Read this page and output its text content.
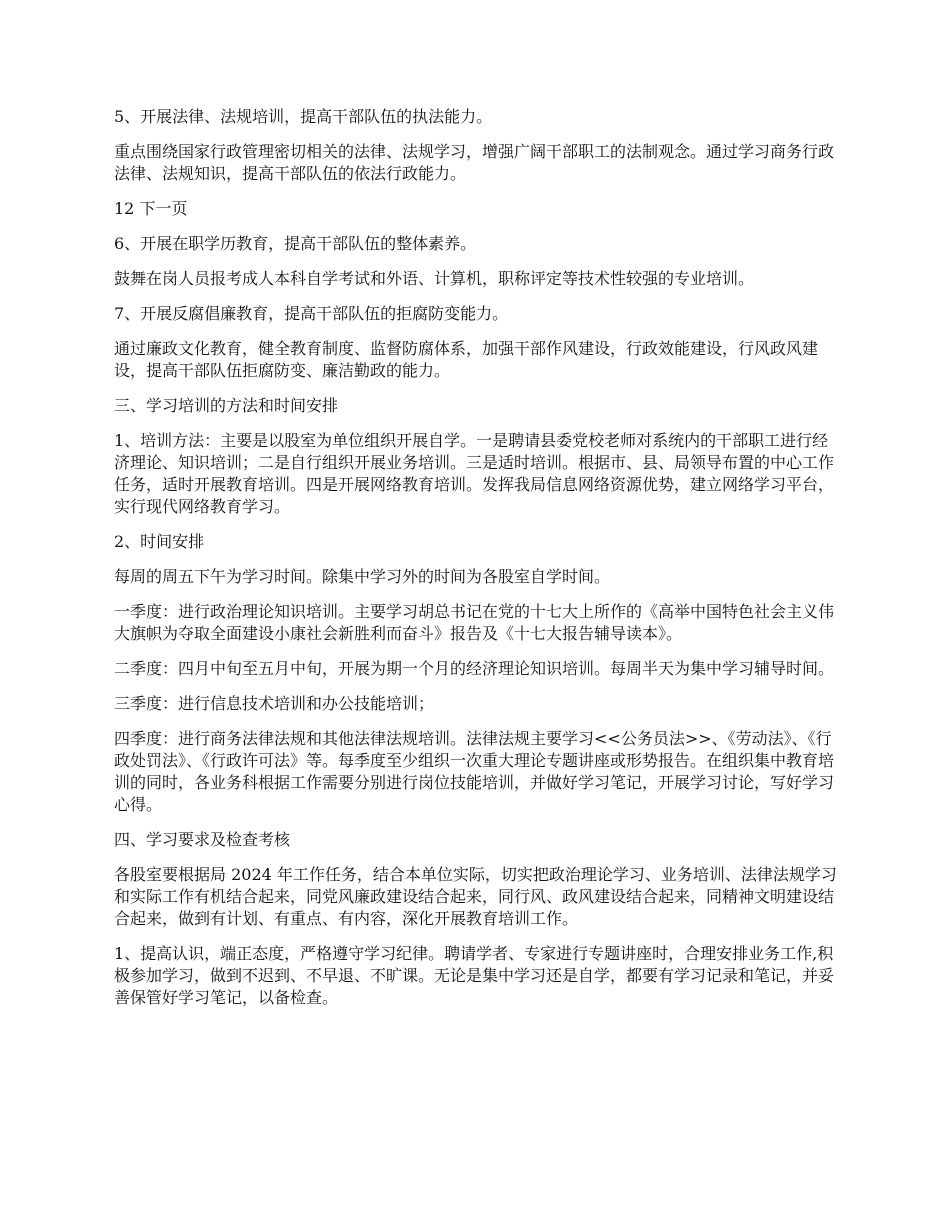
5、开展法律、法规培训，提高干部队伍的执法能力。

重点围绕国家行政管理密切相关的法律、法规学习，增强广阔干部职工的法制观念。通过学习商务行政法律、法规知识，提高干部队伍的依法行政能力。

12 下一页

6、开展在职学历教育，提高干部队伍的整体素养。

鼓舞在岗人员报考成人本科自学考试和外语、计算机，职称评定等技术性较强的专业培训。

7、开展反腐倡廉教育，提高干部队伍的拒腐防变能力。

通过廉政文化教育，健全教育制度、监督防腐体系，加强干部作风建设，行政效能建设，行风政风建设，提高干部队伍拒腐防变、廉洁勤政的能力。

三、学习培训的方法和时间安排

1、培训方法：主要是以股室为单位组织开展自学。一是聘请县委党校老师对系统内的干部职工进行经济理论、知识培训；二是自行组织开展业务培训。三是适时培训。根据市、县、局领导布置的中心工作任务，适时开展教育培训。四是开展网络教育培训。发挥我局信息网络资源优势，建立网络学习平台，实行现代网络教育学习。

2、时间安排

每周的周五下午为学习时间。除集中学习外的时间为各股室自学时间。

一季度：进行政治理论知识培训。主要学习胡总书记在党的十七大上所作的《高举中国特色社会主义伟大旗帜为夺取全面建设小康社会新胜利而奋斗》报告及《十七大报告辅导读本》。

二季度：四月中旬至五月中旬，开展为期一个月的经济理论知识培训。每周半天为集中学习辅导时间。

三季度：进行信息技术培训和办公技能培训；

四季度：进行商务法律法规和其他法律法规培训。法律法规主要学习<<公务员法>>、《劳动法》、《行政处罚法》、《行政许可法》等。每季度至少组织一次重大理论专题讲座或形势报告。在组织集中教育培训的同时，各业务科根据工作需要分别进行岗位技能培训，并做好学习笔记，开展学习讨论，写好学习心得。

四、学习要求及检查考核

各股室要根据局 2024 年工作任务，结合本单位实际，切实把政治理论学习、业务培训、法律法规学习和实际工作有机结合起来，同党风廉政建设结合起来，同行风、政风建设结合起来，同精神文明建设结合起来，做到有计划、有重点、有内容，深化开展教育培训工作。

1、提高认识，端正态度，严格遵守学习纪律。聘请学者、专家进行专题讲座时，合理安排业务工作,积极参加学习，做到不迟到、不早退、不旷课。无论是集中学习还是自学，都要有学习记录和笔记，并妥善保管好学习笔记，以备检查。
